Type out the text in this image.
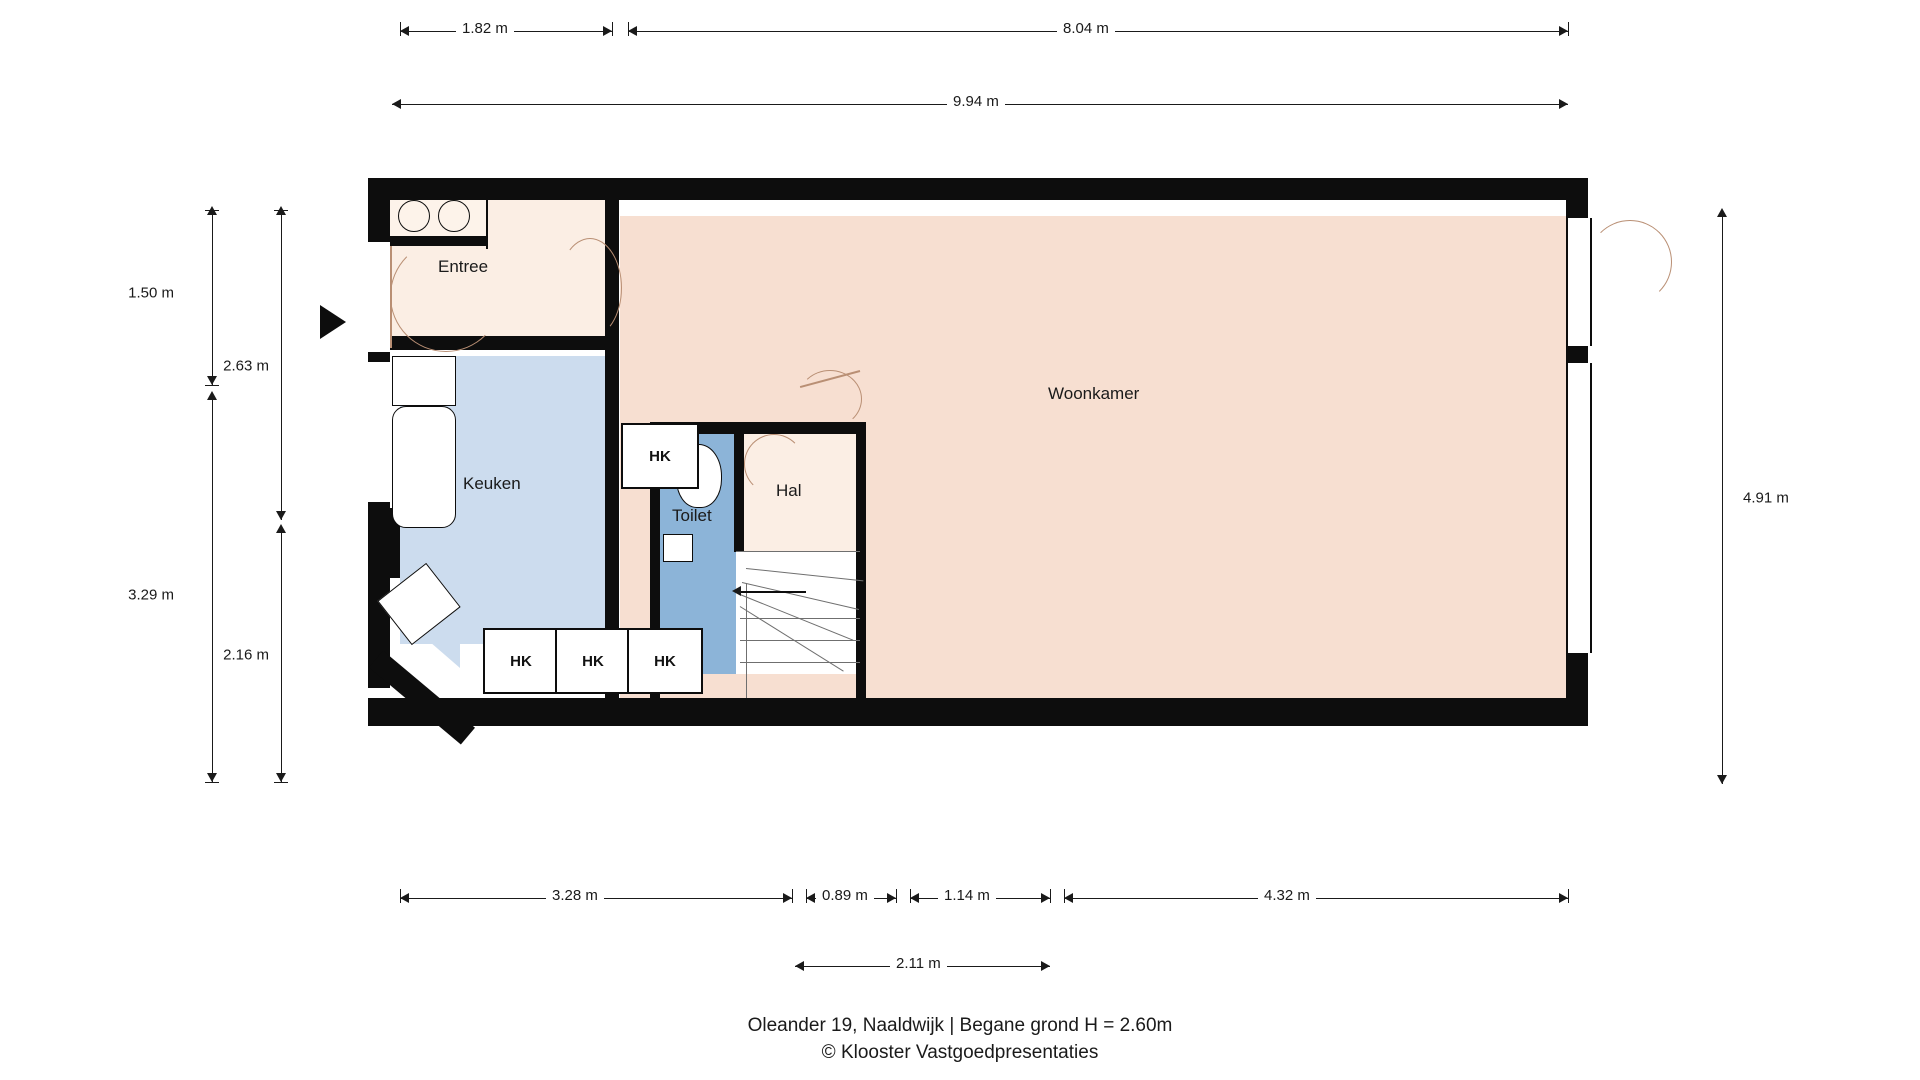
1.82 m	8.04 m
9.94 m
1.50 m
3.29 m
2.63 m
2.16 m
4.91 m
3.28 m	0.89 m	1.14 m	4.32 m
2.11 m
HK
HK	HK	HK
Entree
Keuken
Woonkamer
Toilet
Hal
Oleander 19, Naaldwijk | Begane grond H = 2.60m
© Klooster Vastgoedpresentaties
